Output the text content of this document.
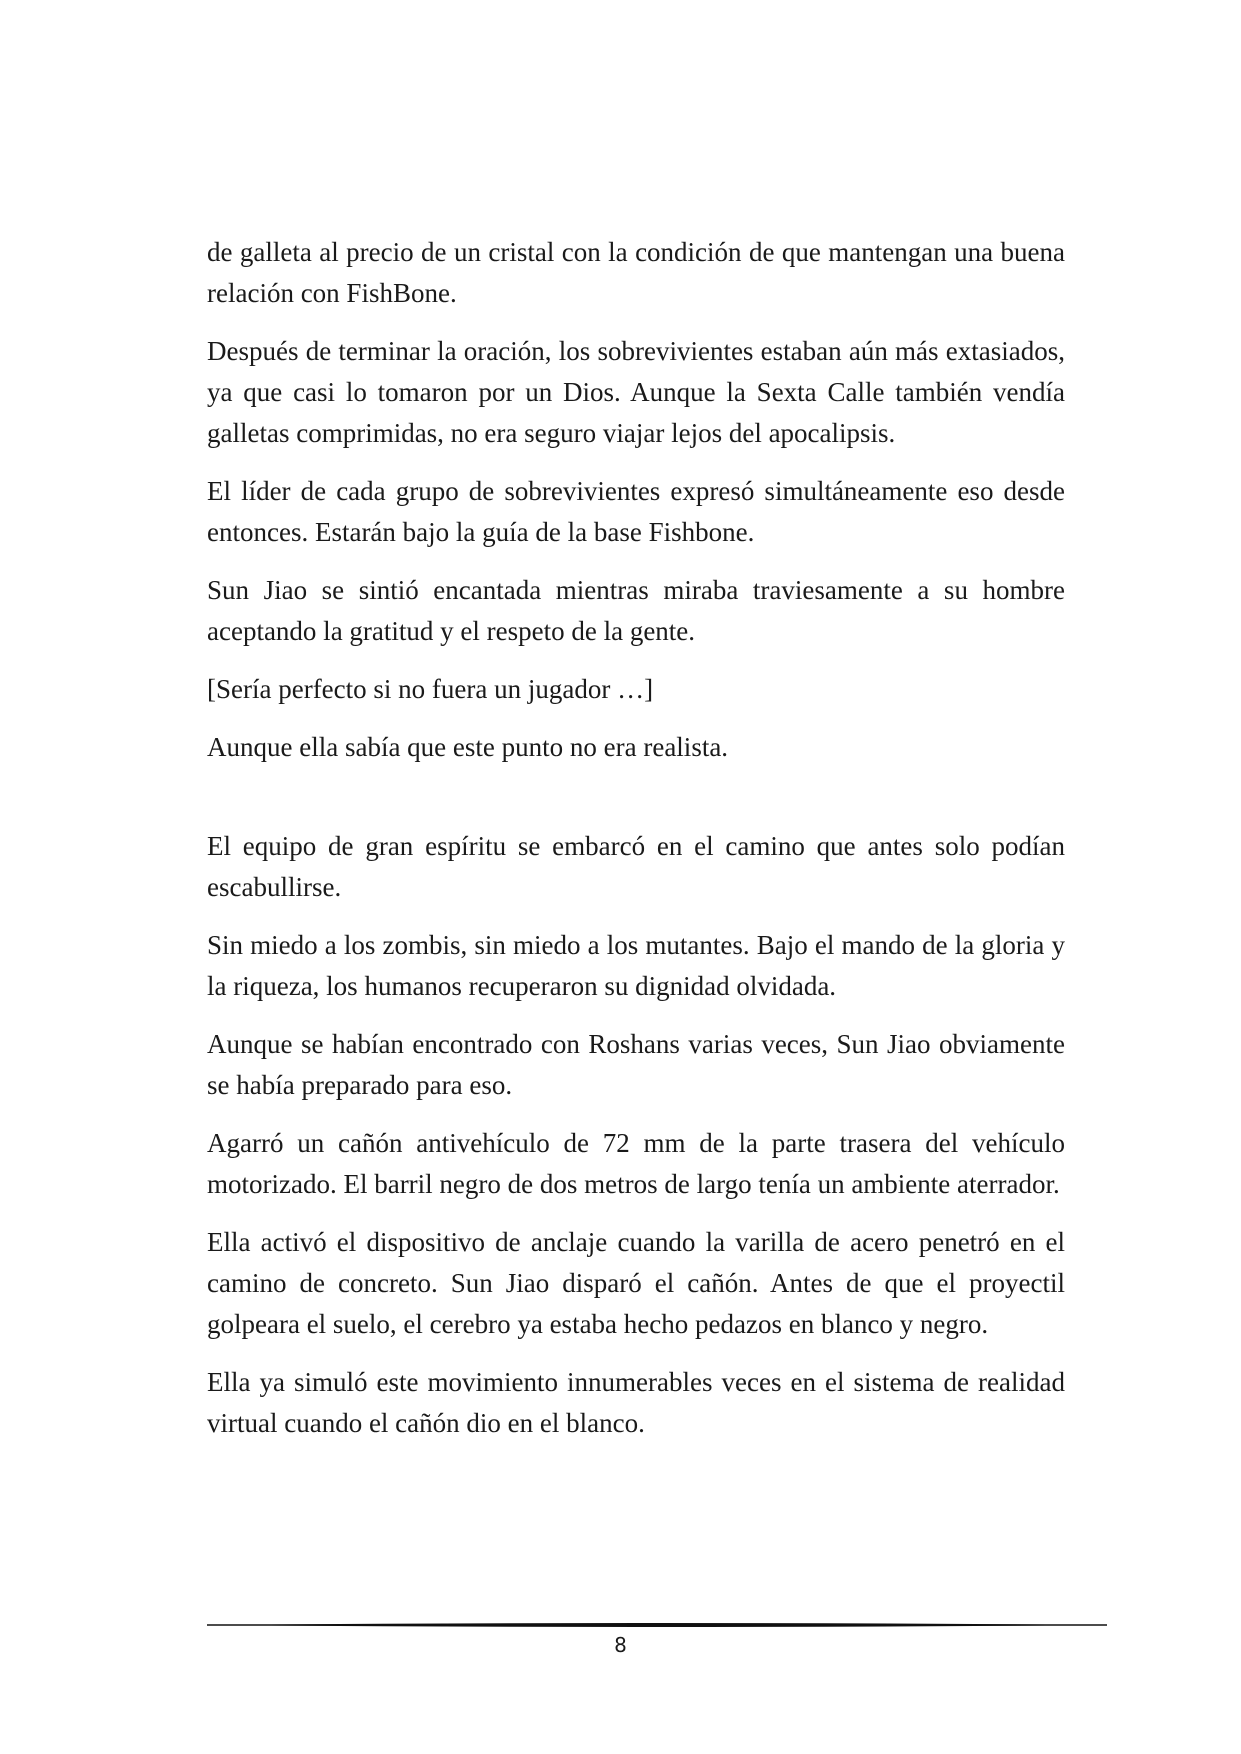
de galleta al precio de un cristal con la condición de que mantengan una buena relación con FishBone.

Después de terminar la oración, los sobrevivientes estaban aún más extasiados, ya que casi lo tomaron por un Dios. Aunque la Sexta Calle también vendía galletas comprimidas, no era seguro viajar lejos del apocalipsis.

El líder de cada grupo de sobrevivientes expresó simultáneamente eso desde entonces. Estarán bajo la guía de la base Fishbone.

Sun Jiao se sintió encantada mientras miraba traviesamente a su hombre aceptando la gratitud y el respeto de la gente.

[Sería perfecto si no fuera un jugador …]

Aunque ella sabía que este punto no era realista.

El equipo de gran espíritu se embarcó en el camino que antes solo podían escabullirse.

Sin miedo a los zombis, sin miedo a los mutantes. Bajo el mando de la gloria y la riqueza, los humanos recuperaron su dignidad olvidada.

Aunque se habían encontrado con Roshans varias veces, Sun Jiao obviamente se había preparado para eso.

Agarró un cañón antivehículo de 72 mm de la parte trasera del vehículo motorizado. El barril negro de dos metros de largo tenía un ambiente aterrador.

Ella activó el dispositivo de anclaje cuando la varilla de acero penetró en el camino de concreto. Sun Jiao disparó el cañón. Antes de que el proyectil golpeara el suelo, el cerebro ya estaba hecho pedazos en blanco y negro.

Ella ya simuló este movimiento innumerables veces en el sistema de realidad virtual cuando el cañón dio en el blanco.

8
